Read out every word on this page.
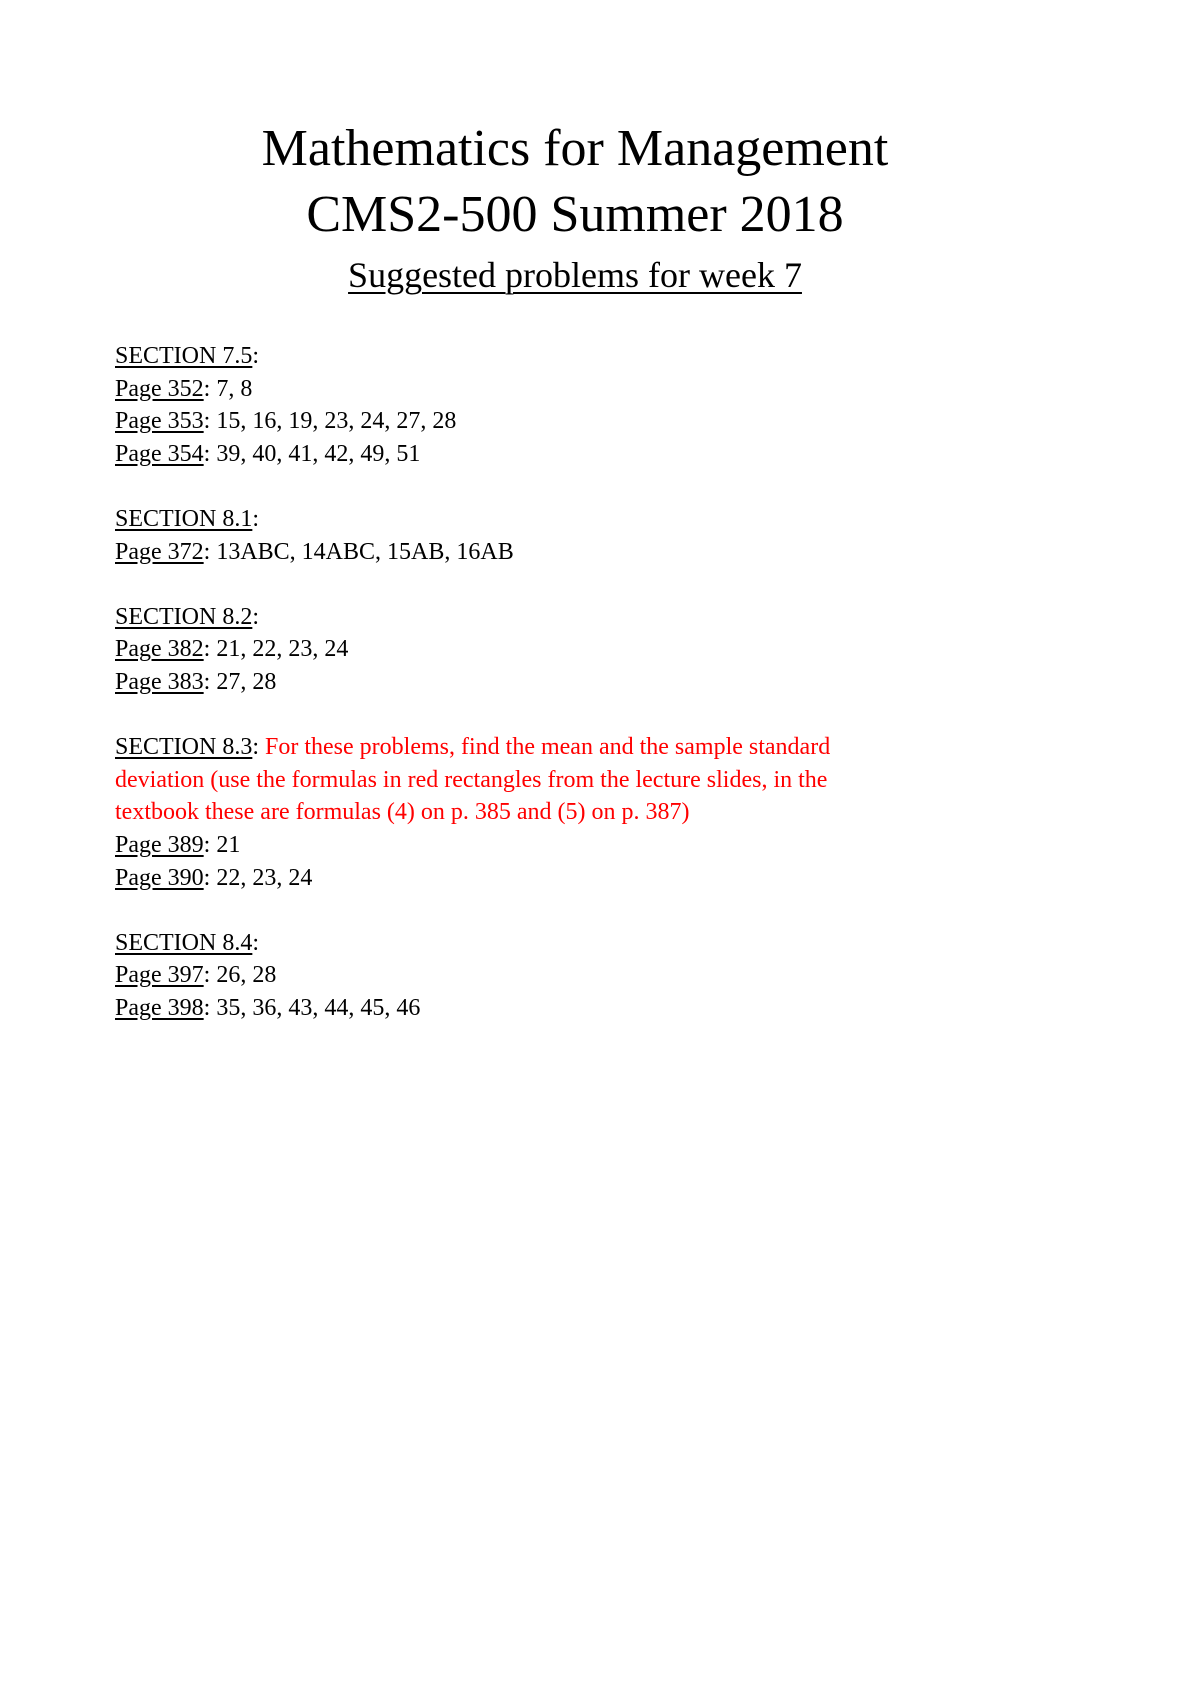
Mathematics for Management
CMS2-500 Summer 2018
Suggested problems for week 7
SECTION 7.5:
Page 352: 7, 8
Page 353: 15, 16, 19, 23, 24, 27, 28
Page 354: 39, 40, 41, 42, 49, 51
SECTION 8.1:
Page 372: 13ABC, 14ABC, 15AB, 16AB
SECTION 8.2:
Page 382: 21, 22, 23, 24
Page 383: 27, 28
SECTION 8.3: For these problems, find the mean and the sample standard
deviation (use the formulas in red rectangles from the lecture slides, in the
textbook these are formulas (4) on p. 385 and (5) on p. 387)
Page 389: 21
Page 390: 22, 23, 24
SECTION 8.4:
Page 397: 26, 28
Page 398: 35, 36, 43, 44, 45, 46
